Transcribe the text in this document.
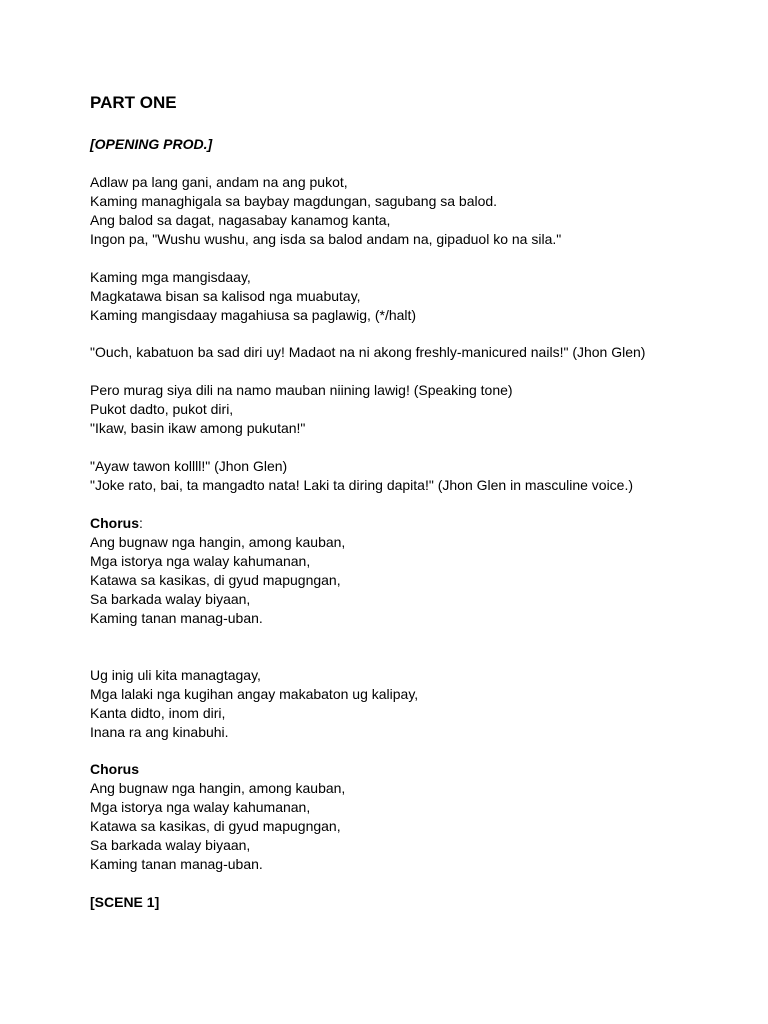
PART ONE

[OPENING PROD.]

Adlaw pa lang gani, andam na ang pukot,

Kaming managhigala sa baybay magdungan, sagubang sa balod.

Ang balod sa dagat, nagasabay kanamog kanta,

Ingon pa, "Wushu wushu, ang isda sa balod andam na, gipaduol ko na sila."

Kaming mga mangisdaay,

Magkatawa bisan sa kalisod nga muabutay,

Kaming mangisdaay magahiusa sa paglawig, (*/halt)

"Ouch, kabatuon ba sad diri uy! Madaot na ni akong freshly-manicured nails!" (Jhon Glen)

Pero murag siya dili na namo mauban niining lawig! (Speaking tone)

Pukot dadto, pukot diri,

"Ikaw, basin ikaw among pukutan!"

"Ayaw tawon kollll!" (Jhon Glen)

"Joke rato, bai, ta mangadto nata! Laki ta diring dapita!" (Jhon Glen in masculine voice.)

Chorus:

Ang bugnaw nga hangin, among kauban,

Mga istorya nga walay kahumanan,

Katawa sa kasikas, di gyud mapugngan,

Sa barkada walay biyaan,

Kaming tanan manag-uban.

Ug inig uli kita managtagay,

Mga lalaki nga kugihan angay makabaton ug kalipay,

Kanta didto, inom diri,

Inana ra ang kinabuhi.

Chorus

Ang bugnaw nga hangin, among kauban,

Mga istorya nga walay kahumanan,

Katawa sa kasikas, di gyud mapugngan,

Sa barkada walay biyaan,

Kaming tanan manag-uban.

[SCENE 1]
